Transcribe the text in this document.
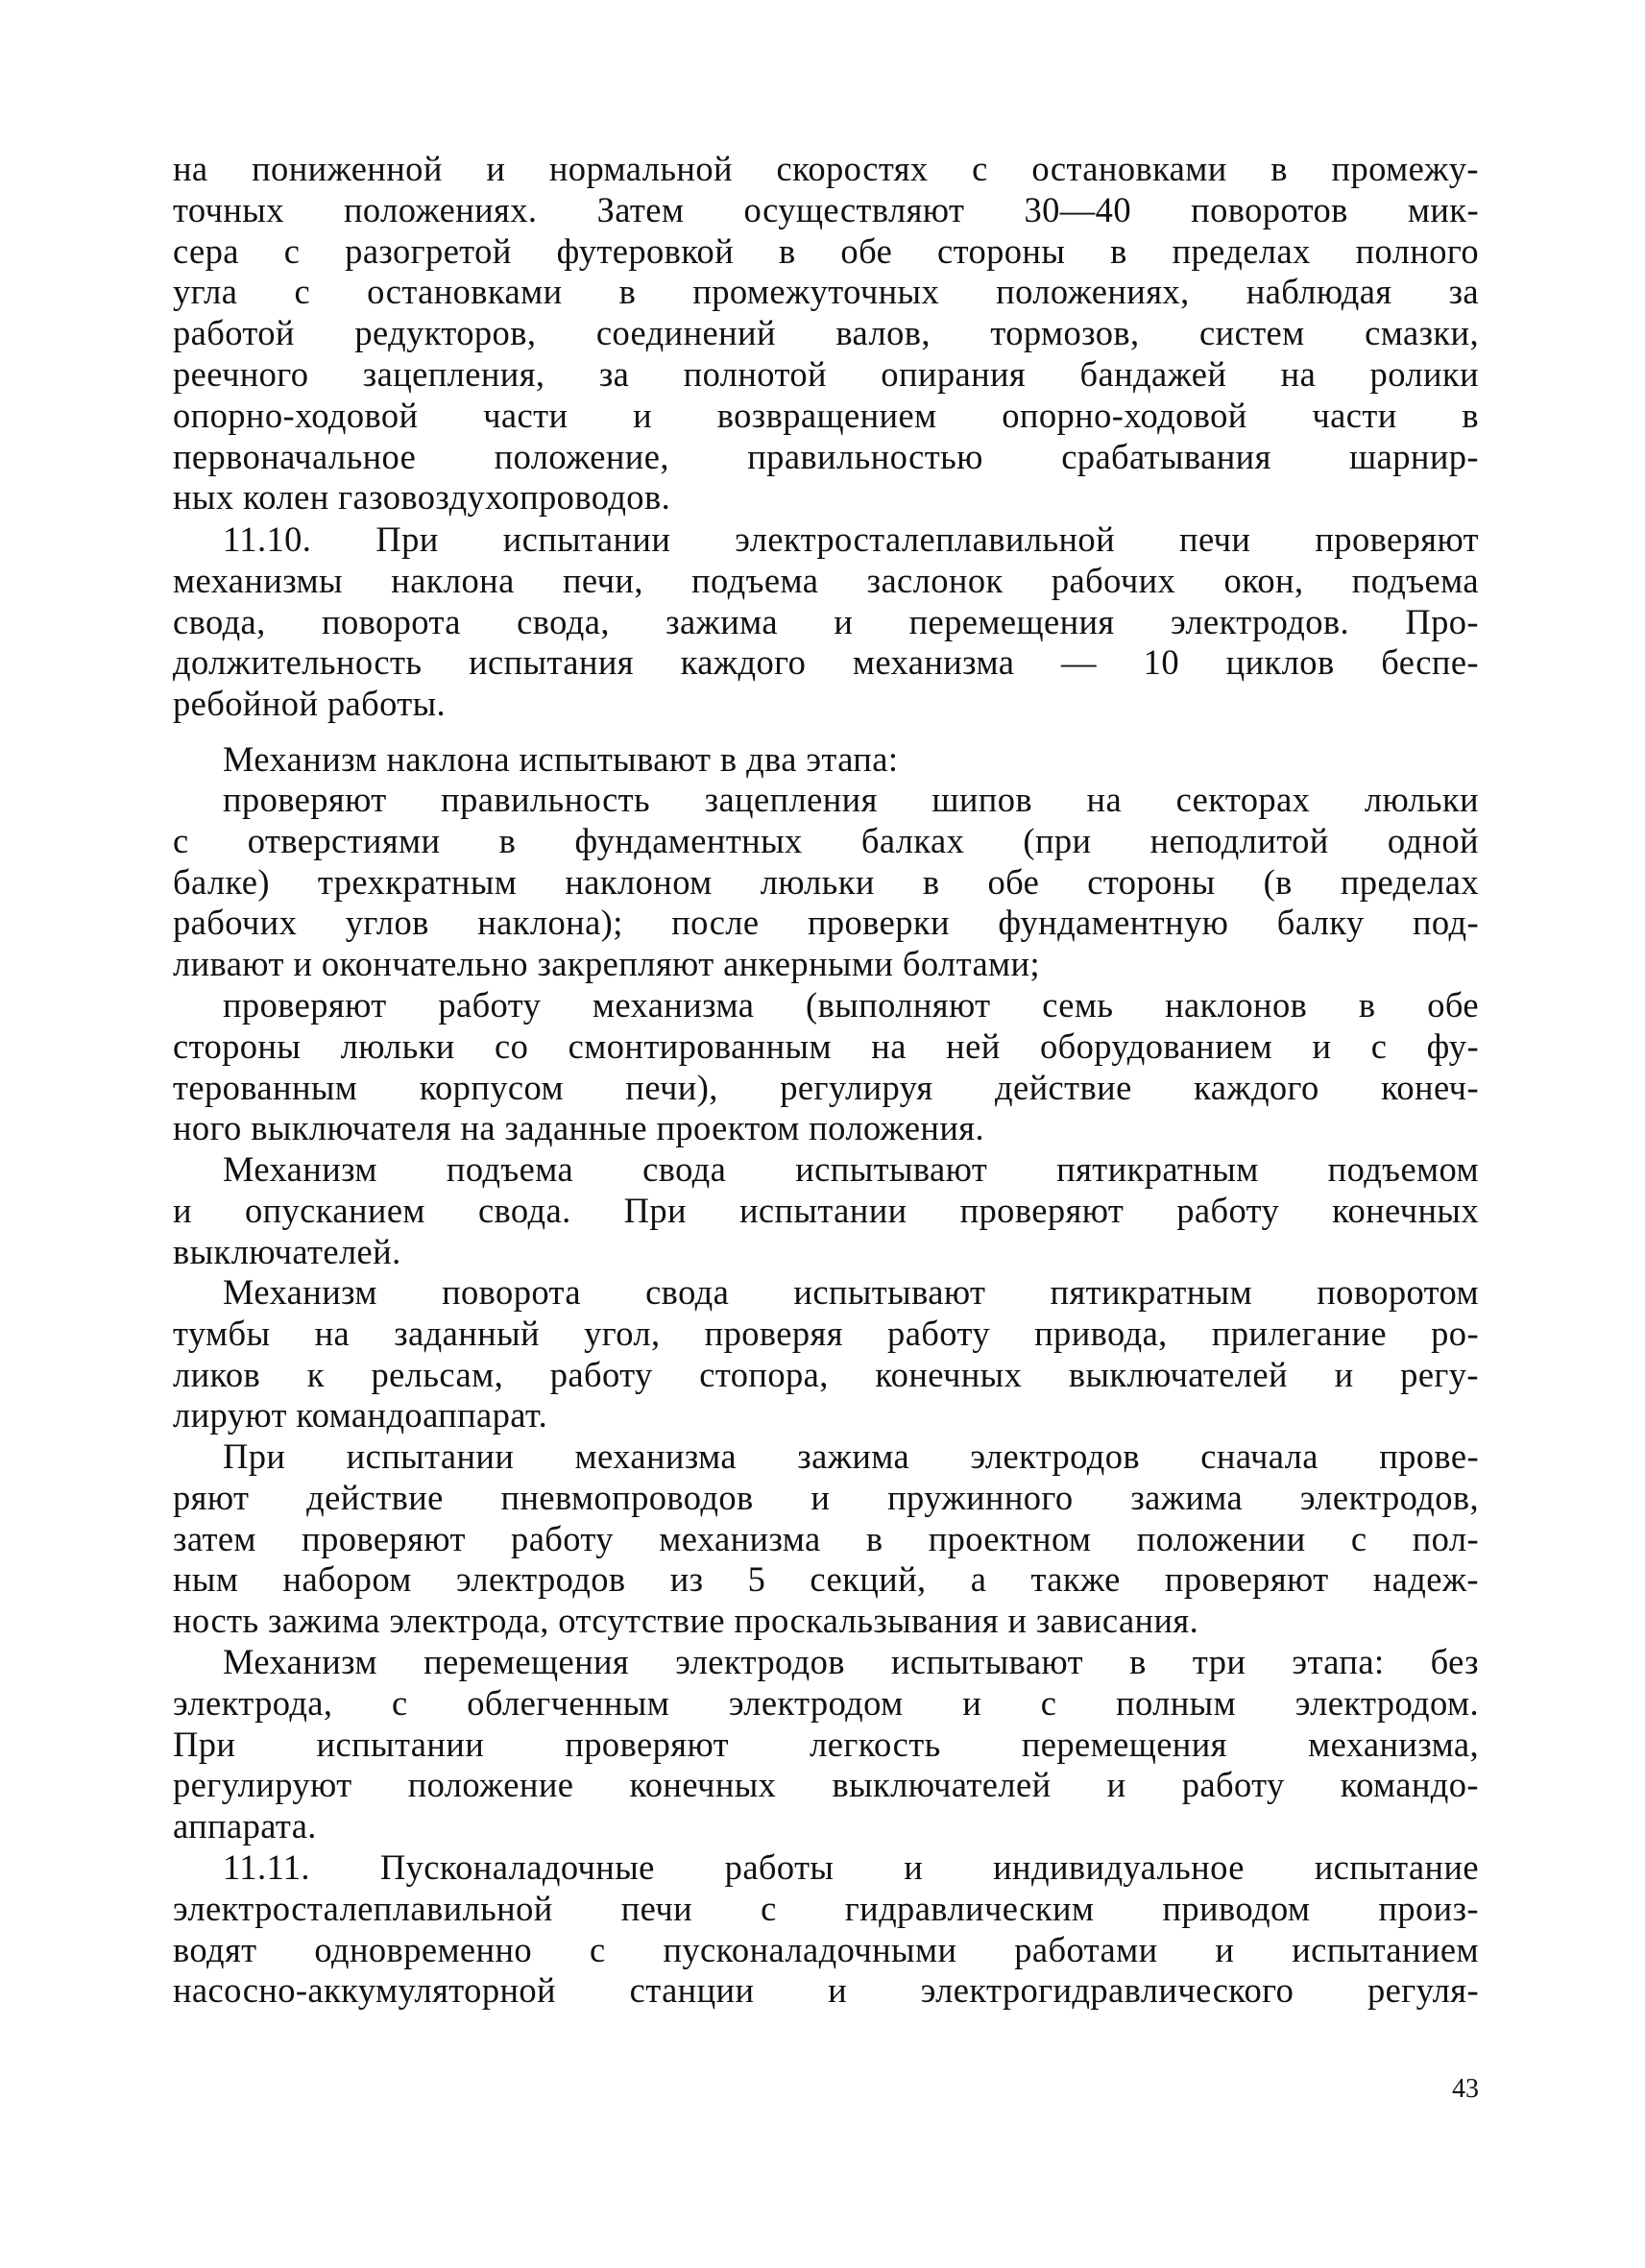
на пониженной и нормальной скоростях с остановками в промежу-
точных положениях. Затем осуществляют 30—40 поворотов мик-
сера с разогретой футеровкой в обе стороны в пределах полного
угла с остановками в промежуточных положениях, наблюдая за
работой редукторов, соединений валов, тормозов, систем смазки,
реечного зацепления, за полнотой опирания бандажей на ролики
опорно-ходовой части и возвращением опорно-ходовой части в
первоначальное положение, правильностью срабатывания шарнир-
ных колен газовоздухопроводов.
11.10. При испытании электросталеплавильной печи проверяют
механизмы наклона печи, подъема заслонок рабочих окон, подъема
свода, поворота свода, зажима и перемещения электродов. Про-
должительность испытания каждого механизма — 10 циклов беспе-
ребойной работы.
Механизм наклона испытывают в два этапа:
проверяют правильность зацепления шипов на секторах люльки
с отверстиями в фундаментных балках (при неподлитой одной
балке) трехкратным наклоном люльки в обе стороны (в пределах
рабочих углов наклона); после проверки фундаментную балку под-
ливают и окончательно закрепляют анкерными болтами;
проверяют работу механизма (выполняют семь наклонов в обе
стороны люльки со смонтированным на ней оборудованием и с фу-
терованным корпусом печи), регулируя действие каждого конеч-
ного выключателя на заданные проектом положения.
Механизм подъема свода испытывают пятикратным подъемом
и опусканием свода. При испытании проверяют работу конечных
выключателей.
Механизм поворота свода испытывают пятикратным поворотом
тумбы на заданный угол, проверяя работу привода, прилегание ро-
ликов к рельсам, работу стопора, конечных выключателей и регу-
лируют командоаппарат.
При испытании механизма зажима электродов сначала прове-
ряют действие пневмопроводов и пружинного зажима электродов,
затем проверяют работу механизма в проектном положении с пол-
ным набором электродов из 5 секций, а также проверяют надеж-
ность зажима электрода, отсутствие проскальзывания и зависания.
Механизм перемещения электродов испытывают в три этапа: без
электрода, с облегченным электродом и с полным электродом.
При испытании проверяют легкость перемещения механизма,
регулируют положение конечных выключателей и работу командо-
аппарата.
11.11. Пусконаладочные работы и индивидуальное испытание
электросталеплавильной печи с гидравлическим приводом произ-
водят одновременно с пусконаладочными работами и испытанием
насосно-аккумуляторной станции и электрогидравлического регуля-
43
